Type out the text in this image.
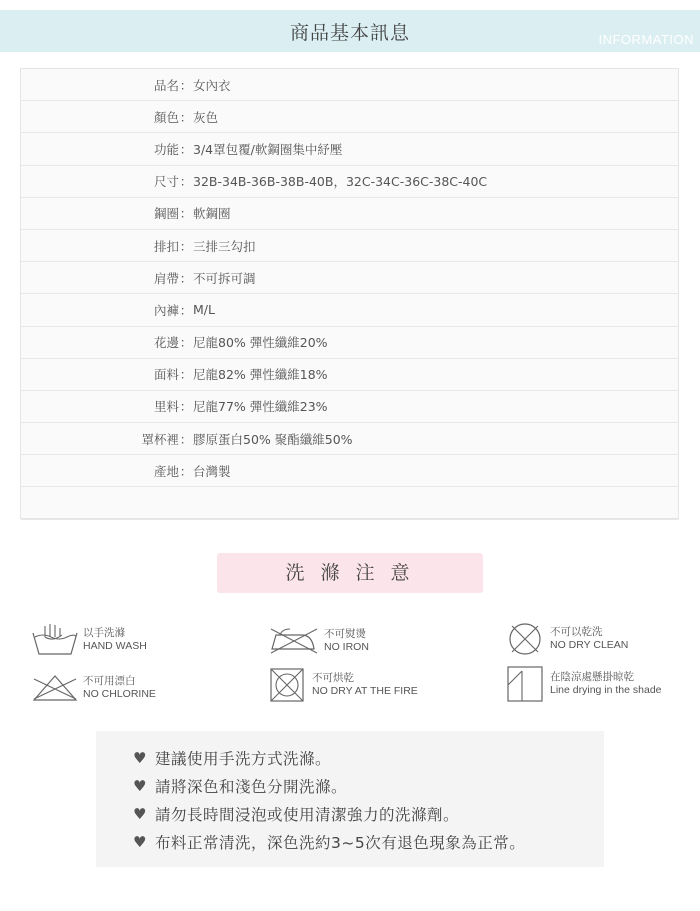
商品基本訊息	INFORMATION
品名 ： 女內衣
顏色 ： 灰色
功能 ： 3/4罩包覆/軟鋼圈集中紓壓
尺寸 ： 32B-34B-36B-38B-40B，32C-34C-36C-38C-40C
鋼圈 ： 軟鋼圈
排扣 ： 三排三勾扣
肩帶 ： 不可拆可調
內褲 ： M/L
花邊 ： 尼龍80% 彈性纖維20%
面料 ： 尼龍82% 彈性纖維18%
里料 ： 尼龍77% 彈性纖維23%
罩杯裡 ： 膠原蛋白50% 聚酯纖維50%
產地 ： 台灣製
洗 滌 注 意
以手洗滌
HAND WASH
不可熨燙
NO IRON
不可以乾洗
NO DRY CLEAN
不可用漂白
NO CHLORINE
不可烘乾
NO DRY AT THE FIRE
在陰涼處懸掛晾乾
Line drying in the shade
♥ 建議使用手洗方式洗滌。
♥ 請將深色和淺色分開洗滌。
♥ 請勿長時間浸泡或使用清潔強力的洗滌劑。
♥ 布料正常清洗，深色洗約3~5次有退色現象為正常。
